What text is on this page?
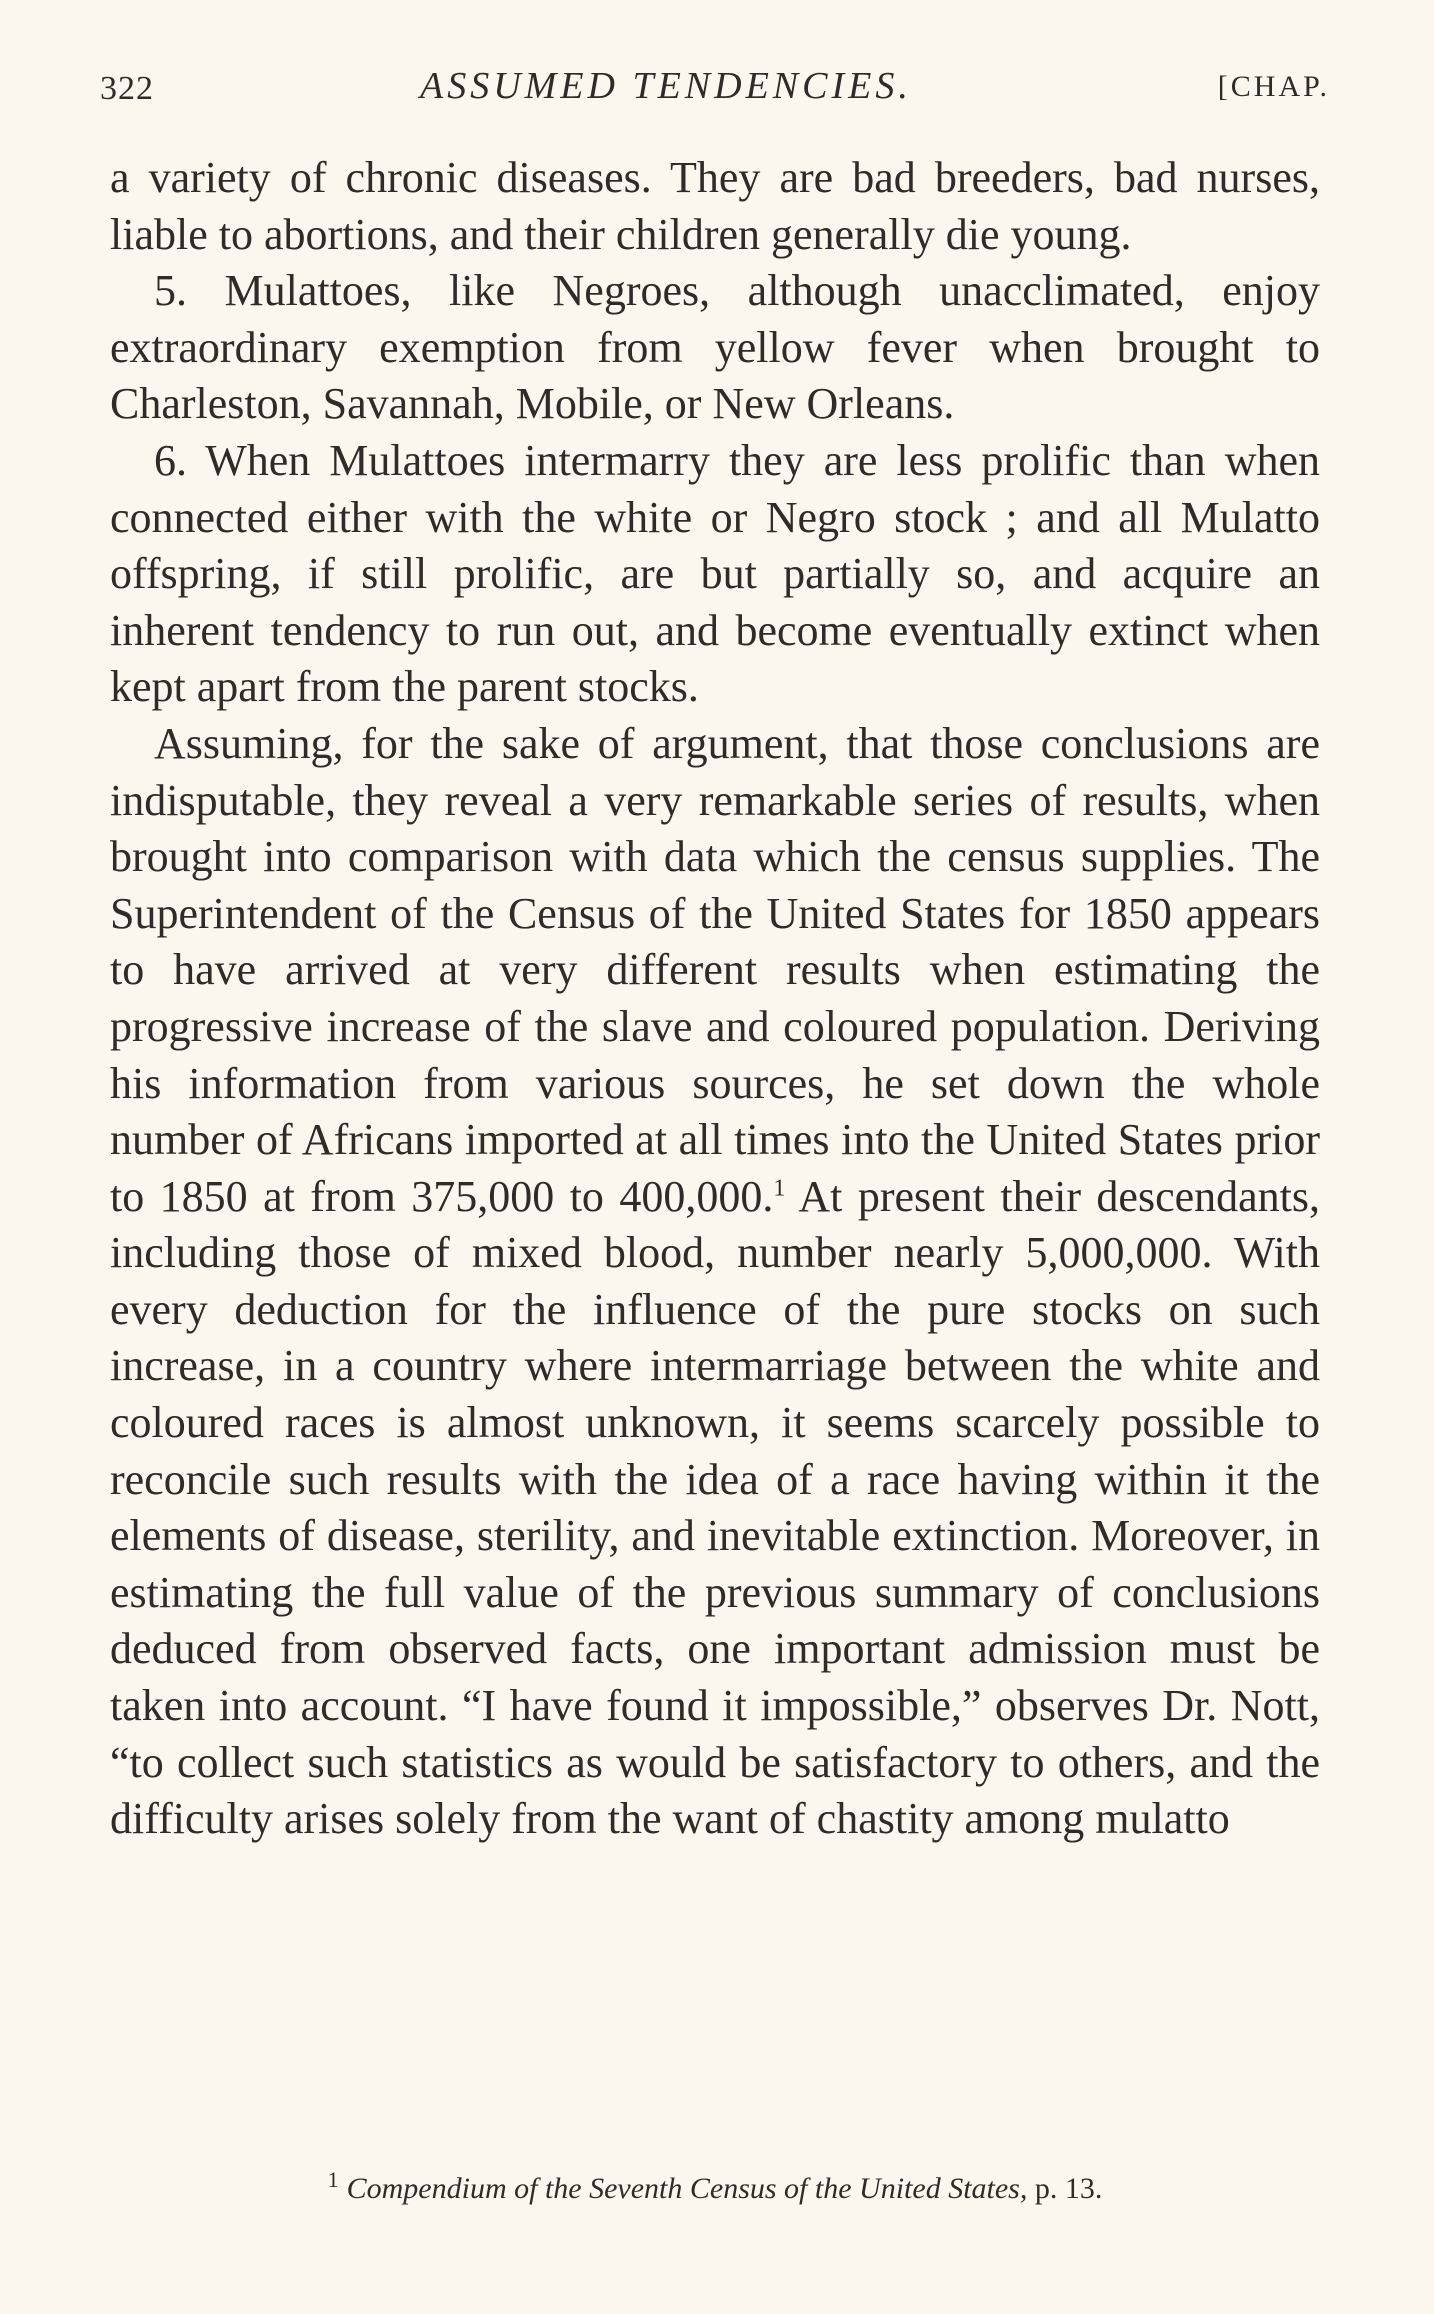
322	ASSUMED TENDENCIES.	[CHAP.

a variety of chronic diseases. They are bad breeders, bad nurses, liable to abortions, and their children generally die young.

5. Mulattoes, like Negroes, although unacclimated, enjoy extraordinary exemption from yellow fever when brought to Charleston, Savannah, Mobile, or New Orleans.

6. When Mulattoes intermarry they are less prolific than when connected either with the white or Negro stock ; and all Mulatto offspring, if still prolific, are but partially so, and acquire an inherent tendency to run out, and become eventually extinct when kept apart from the parent stocks.

Assuming, for the sake of argument, that those conclusions are indisputable, they reveal a very remarkable series of results, when brought into comparison with data which the census supplies. The Superintendent of the Census of the United States for 1850 appears to have arrived at very different results when estimating the progressive increase of the slave and coloured population. Deriving his information from various sources, he set down the whole number of Africans imported at all times into the United States prior to 1850 at from 375,000 to 400,000.$^1$ At present their descendants, including those of mixed blood, number nearly 5,000,000. With every deduction for the influence of the pure stocks on such increase, in a country where intermarriage between the white and coloured races is almost unknown, it seems scarcely possible to reconcile such results with the idea of a race having within it the elements of disease, sterility, and inevitable extinction. Moreover, in estimating the full value of the previous summary of conclusions deduced from observed facts, one important admission must be taken into account. “I have found it impossible,” observes Dr. Nott, “to collect such statistics as would be satisfactory to others, and the difficulty arises solely from the want of chastity among mulatto

$^1$ Compendium of the Seventh Census of the United States, p. 13.
